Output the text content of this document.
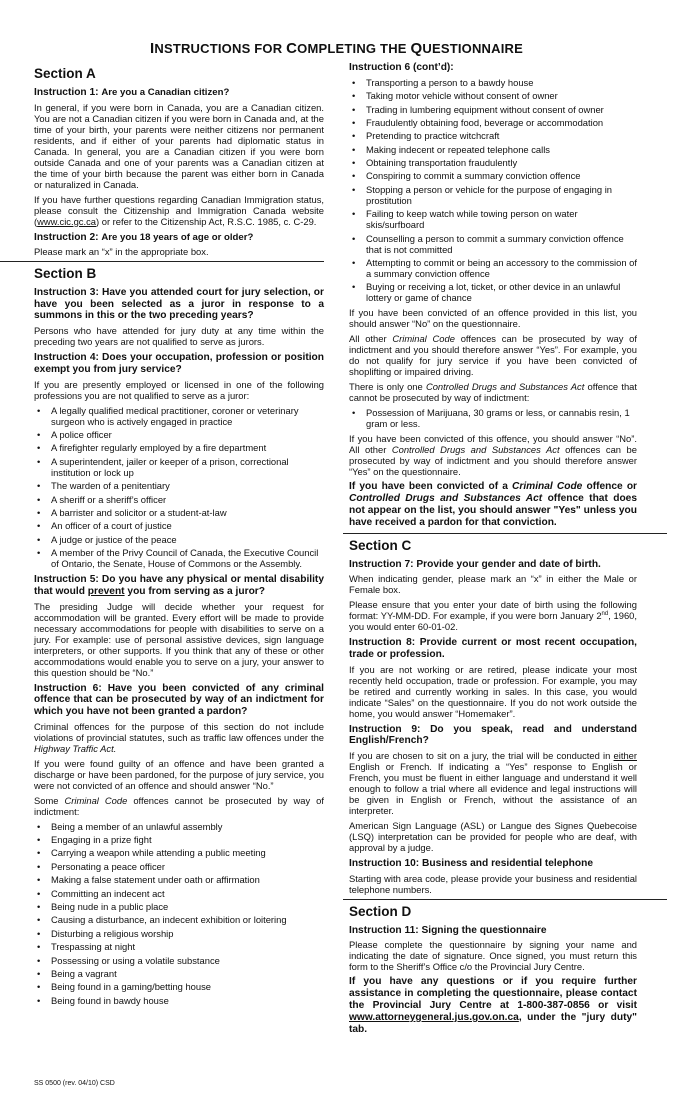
INSTRUCTIONS FOR COMPLETING THE QUESTIONNAIRE
Section A
Instruction 1: Are you a Canadian citizen?

In general, if you were born in Canada, you are a Canadian citizen. You are not a Canadian citizen if you were born in Canada and, at the time of your birth, your parents were neither citizens nor permanent residents, and if either of your parents had diplomatic status in Canada. In general, you are a Canadian citizen if you were born outside Canada and one of your parents was a Canadian citizen at the time of your birth because the parent was either born in Canada or naturalized in Canada.

If you have further questions regarding Canadian Immigration status, please consult the Citizenship and Immigration Canada website (www.cic.gc.ca) or refer to the Citizenship Act, R.S.C. 1985, c. C-29.

Instruction 2: Are you 18 years of age or older?

Please mark an “x” in the appropriate box.

Section B
Instruction 3: Have you attended court for jury selection, or have you been selected as a juror in response to a summons in this or the two preceding years?

Persons who have attended for jury duty at any time within the preceding two years are not qualified to serve as jurors.

Instruction 4: Does your occupation, profession or position exempt you from jury service?

If you are presently employed or licensed in one of the following professions you are not qualified to serve as a juror:

• A legally qualified medical practitioner, coroner or veterinary surgeon who is actively engaged in practice
• A police officer
• A firefighter regularly employed by a fire department
• A superintendent, jailer or keeper of a prison, correctional institution or lock up
• The warden of a penitentiary
• A sheriff or a sheriff’s officer
• A barrister and solicitor or a student-at-law
• An officer of a court of justice
• A judge or justice of the peace
• A member of the Privy Council of Canada, the Executive Council of Ontario, the Senate, House of Commons or the Assembly.
Instruction 5: Do you have any physical or mental disability that would prevent you from serving as a juror?

The presiding Judge will decide whether your request for accommodation will be granted. Every effort will be made to provide necessary accommodations for people with disabilities to serve on a jury. For example: use of personal assistive devices, sign language interpreters, or other supports. If you think that any of these or other accommodations would enable you to serve on a jury, your answer to this question should be “No.”

Instruction 6: Have you been convicted of any criminal offence that can be prosecuted by way of an indictment for which you have not been granted a pardon?

Criminal offences for the purpose of this section do not include violations of provincial statutes, such as traffic law offences under the Highway Traffic Act.

If you were found guilty of an offence and have been granted a discharge or have been pardoned, for the purpose of jury service, you were not convicted of an offence and should answer “No.”

Some Criminal Code offences cannot be prosecuted by way of indictment:

• Being a member of an unlawful assembly
• Engaging in a prize fight
• Carrying a weapon while attending a public meeting
• Personating a peace officer
• Making a false statement under oath or affirmation
• Committing an indecent act
• Being nude in a public place
• Causing a disturbance, an indecent exhibition or loitering
• Disturbing a religious worship
• Trespassing at night
• Possessing or using a volatile substance
• Being a vagrant
• Being found in a gaming/betting house
• Being found in bawdy house
Instruction 6 (cont’d):
• Transporting a person to a bawdy house
• Taking motor vehicle without consent of owner
• Trading in lumbering equipment without consent of owner
• Fraudulently obtaining food, beverage or accommodation
• Pretending to practice witchcraft
• Making indecent or repeated telephone calls
• Obtaining transportation fraudulently
• Conspiring to commit a summary conviction offence
• Stopping a person or vehicle for the purpose of engaging in prostitution
• Failing to keep watch while towing person on water skis/surfboard
• Counselling a person to commit a summary conviction offence that is not committed
• Attempting to commit or being an accessory to the commission of a summary conviction offence
• Buying or receiving a lot, ticket, or other device in an unlawful lottery or game of chance

If you have been convicted of an offence provided in this list, you should answer “No” on the questionnaire.

All other Criminal Code offences can be prosecuted by way of indictment and you should therefore answer “Yes”. For example, you do not qualify for jury service if you have been convicted of shoplifting or impaired driving.

There is only one Controlled Drugs and Substances Act offence that cannot be prosecuted by way of indictment:

• Possession of Marijuana, 30 grams or less, or cannabis resin, 1 gram or less.

If you have been convicted of this offence, you should answer “No”. All other Controlled Drugs and Substances Act offences can be prosecuted by way of indictment and you should therefore answer “Yes” on the questionnaire.

If you have been convicted of a Criminal Code offence or Controlled Drugs and Substances Act offence that does not appear on the list, you should answer "Yes" unless you have received a pardon for that conviction.

Section C
Instruction 7: Provide your gender and date of birth.

When indicating gender, please mark an “x” in either the Male or Female box.

Please ensure that you enter your date of birth using the following format: YY-MM-DD. For example, if you were born January 2nd, 1960, you would enter 60-01-02.

Instruction 8: Provide current or most recent occupation, trade or profession.

If you are not working or are retired, please indicate your most recently held occupation, trade or profession. For example, you may be retired and currently working in sales. In this case, you would indicate “Sales” on the questionnaire. If you do not work outside the home, you would answer “Homemaker”.

Instruction 9: Do you speak, read and understand English/French?

If you are chosen to sit on a jury, the trial will be conducted in either English or French. If indicating a “Yes” response to English or French, you must be fluent in either language and understand it well enough to follow a trial where all evidence and legal instructions will be given in English or French, without the assistance of an interpreter.

American Sign Language (ASL) or Langue des Signes Quebecoise (LSQ) interpretation can be provided for people who are deaf, with approval by a judge.

Instruction 10: Business and residential telephone

Starting with area code, please provide your business and residential telephone numbers.

Section D
Instruction 11: Signing the questionnaire

Please complete the questionnaire by signing your name and indicating the date of signature. Once signed, you must return this form to the Sheriff’s Office c/o the Provincial Jury Centre.

If you have any questions or if you require further assistance in completing the questionnaire, please contact the Provincial Jury Centre at 1-800-387-0856 or visit www.attorneygeneral.jus.gov.on.ca, under the "jury duty" tab.

SS 0500 (rev. 04/10) CSD
